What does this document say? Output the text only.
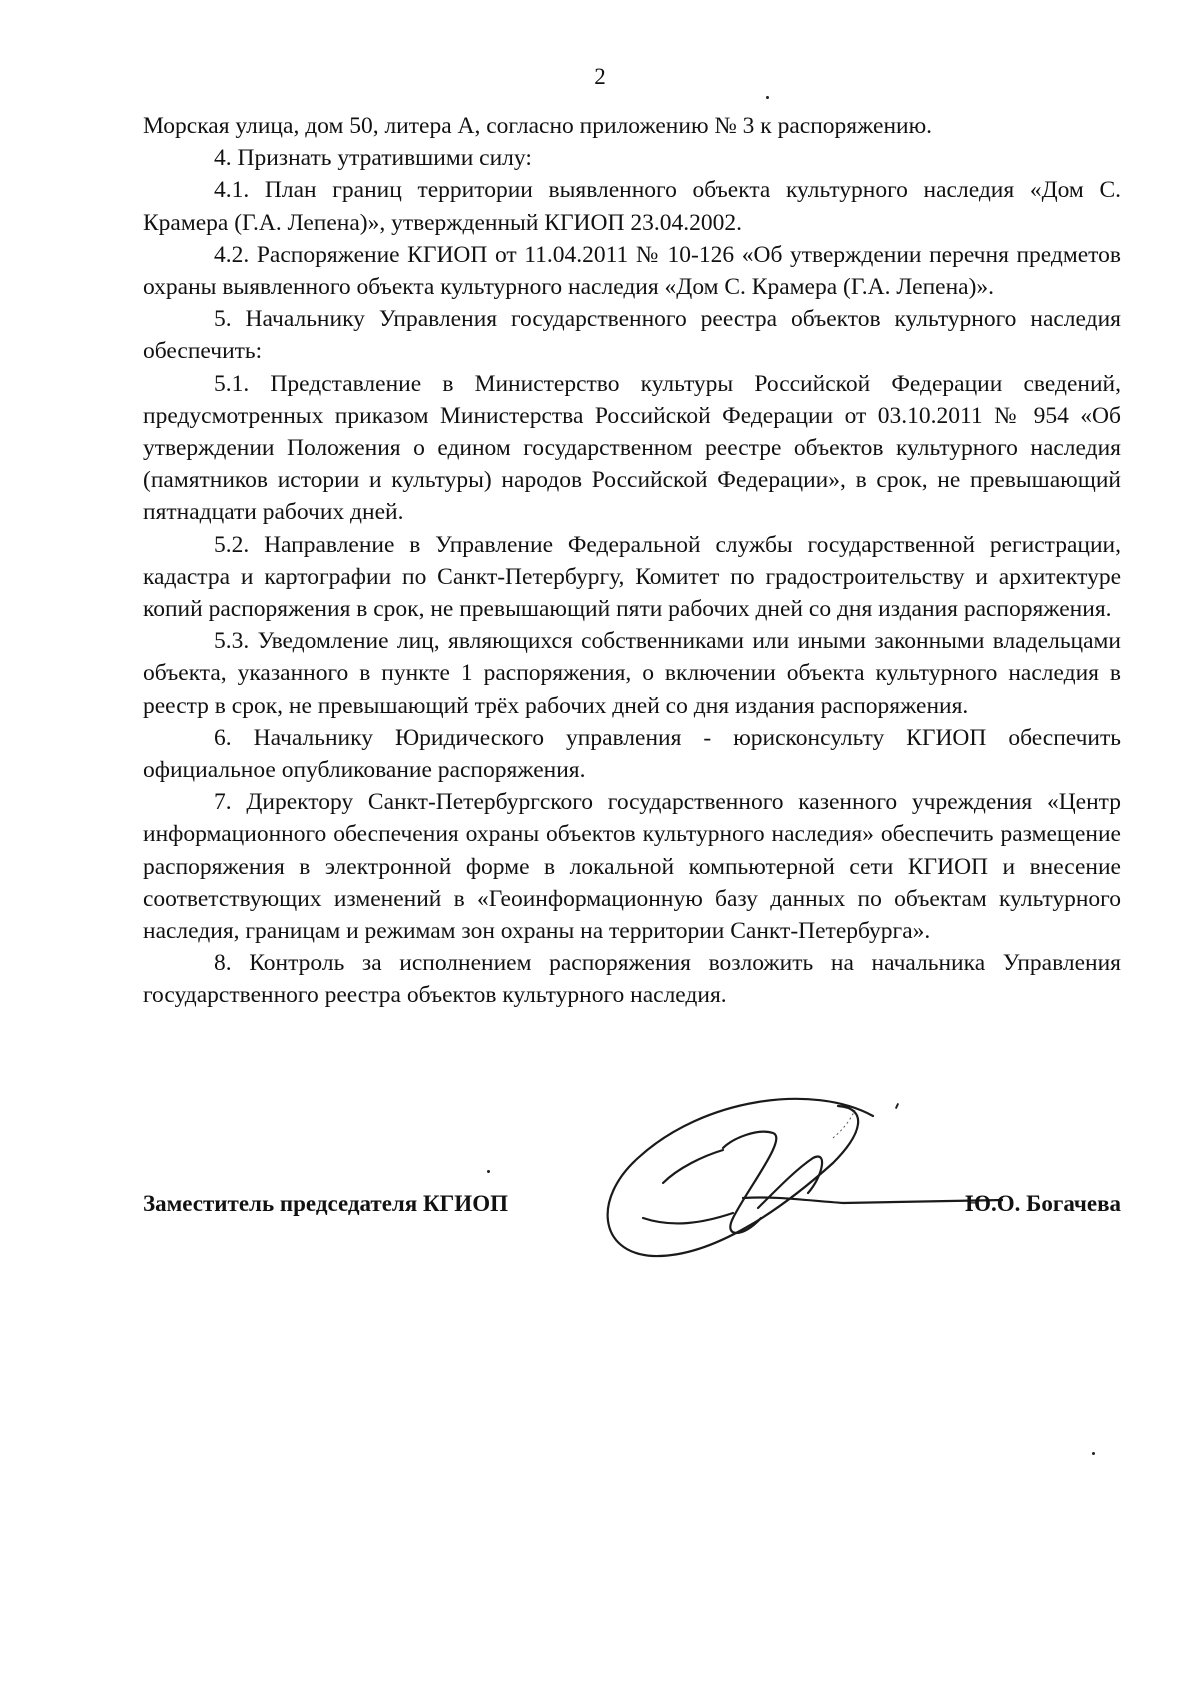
2

Морская улица, дом 50, литера А, согласно приложению № 3 к распоряжению.

4. Признать утратившими силу:

4.1. План границ территории выявленного объекта культурного наследия «Дом С. Крамера (Г.А. Лепена)», утвержденный КГИОП 23.04.2002.

4.2. Распоряжение КГИОП от 11.04.2011 № 10-126 «Об утверждении перечня предметов охраны выявленного объекта культурного наследия «Дом С. Крамера (Г.А. Лепена)».

5. Начальнику Управления государственного реестра объектов культурного наследия обеспечить:

5.1. Представление в Министерство культуры Российской Федерации сведений, предусмотренных приказом Министерства Российской Федерации от 03.10.2011 № 954 «Об утверждении Положения о едином государственном реестре объектов культурного наследия (памятников истории и культуры) народов Российской Федерации», в срок, не превышающий пятнадцати рабочих дней.

5.2. Направление в Управление Федеральной службы государственной регистрации, кадастра и картографии по Санкт-Петербургу, Комитет по градостроительству и архитектуре копий распоряжения в срок, не превышающий пяти рабочих дней со дня издания распоряжения.

5.3. Уведомление лиц, являющихся собственниками или иными законными владельцами объекта, указанного в пункте 1 распоряжения, о включении объекта культурного наследия в реестр в срок, не превышающий трёх рабочих дней со дня издания распоряжения.

6. Начальнику Юридического управления - юрисконсульту КГИОП обеспечить официальное опубликование распоряжения.

7. Директору Санкт-Петербургского государственного казенного учреждения «Центр информационного обеспечения охраны объектов культурного наследия» обеспечить размещение распоряжения в электронной форме в локальной компьютерной сети КГИОП и внесение соответствующих изменений в «Геоинформационную базу данных по объектам культурного наследия, границам и режимам зон охраны на территории Санкт-Петербурга».

8. Контроль за исполнением распоряжения возложить на начальника Управления государственного реестра объектов культурного наследия.

Заместитель председателя КГИОП	Ю.О. Богачева
